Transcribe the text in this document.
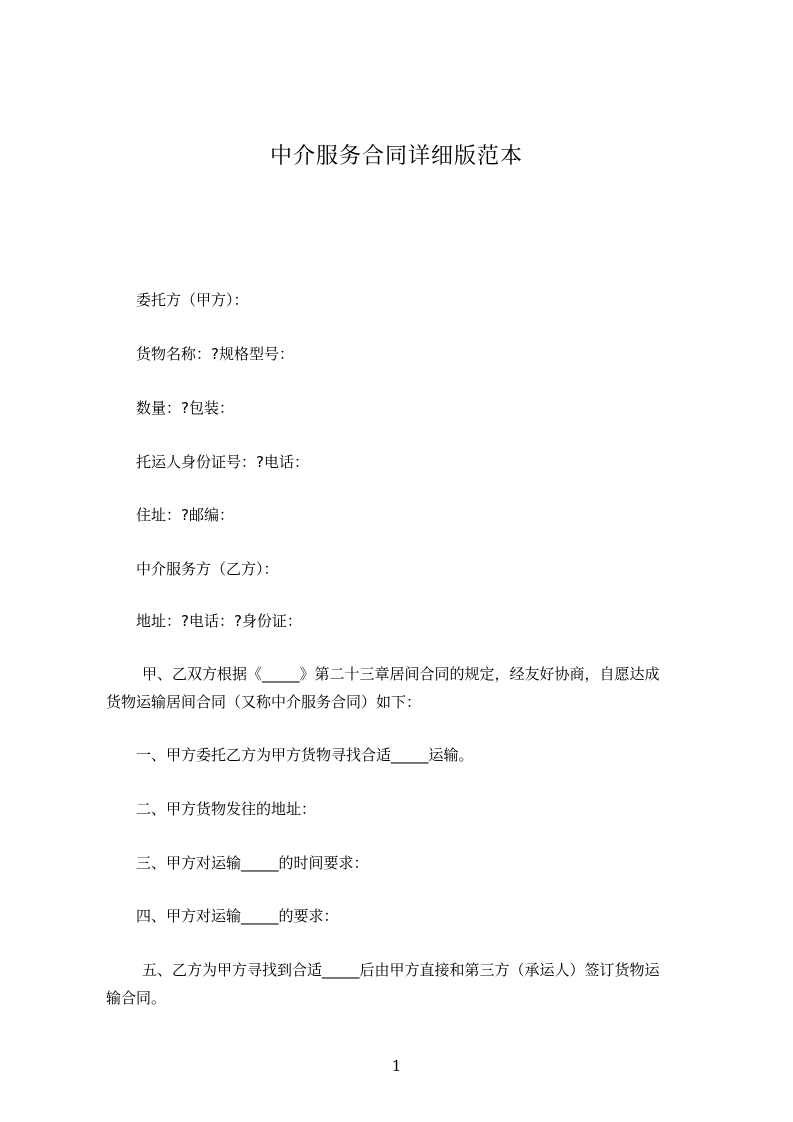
中介服务合同详细版范本
委托方（甲方）：
货物名称：?规格型号：
数量：?包装：
托运人身份证号：?电话：
住址：?邮编：
中介服务方（乙方）：
地址：?电话：?身份证：
甲、乙双方根据《_____》第二十三章居间合同的规定，经友好协商，自愿达成
货物运输居间合同（又称中介服务合同）如下：
一、甲方委托乙方为甲方货物寻找合适_____运输。
二、甲方货物发往的地址：
三、甲方对运输_____的时间要求：
四、甲方对运输_____的要求：
五、乙方为甲方寻找到合适_____后由甲方直接和第三方（承运人）签订货物运
输合同。
1
